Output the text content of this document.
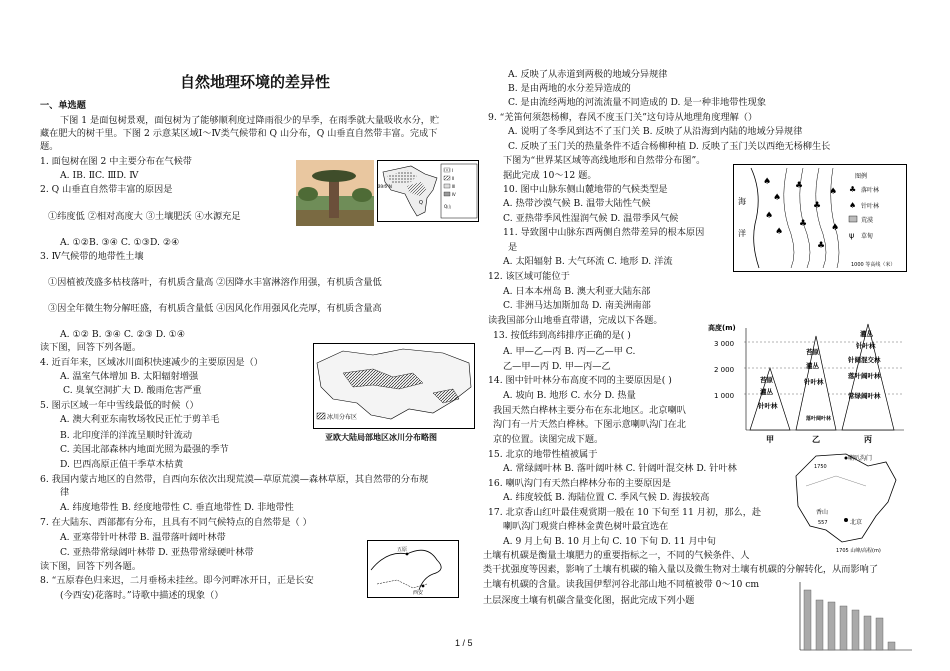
自然地理环境的差异性
一、单选题
下图 1 是面包树景观，面包树为了能够顺利度过降雨很少的旱季，在雨季就大量吸收水分，贮
藏在肥大的树干里。下图 2 示意某区域Ⅰ～Ⅳ类气候带和 Q 山分布，Q 山垂直自然带丰富。完成下
题。
1. 面包树在图 2 中主要分布在气候带
A. ⅠB. ⅡC. ⅢD. Ⅳ
2. Q 山垂直自然带丰富的原因是
①纬度低 ②相对高度大 ③土壤肥沃 ④水源充足
A. ①②B. ③④ C. ①③D. ②④
3. Ⅳ气候带的地带性土壤
①因植被茂盛多枯枝落叶，有机质含量高 ②因降水丰富淋溶作用强，有机质含量低
③因全年微生物分解旺盛，有机质含量低 ④因风化作用强风化壳厚，有机质含量高
A. ①② B. ③④ C. ②③ D. ①④
读下图，回答下列各题。
4. 近百年来，区域冰川面积快速减少的主要原因是（）
A. 温室气体增加 B. 太阳辐射增强
C. 臭氧空洞扩大 D. 酸雨危害严重
5. 图示区域一年中雪线最低的时候（）
A. 澳大利亚东南牧场牧民正忙于剪羊毛
B. 北印度洋的洋流呈顺时针流动
C. 美国北部森林内地面光照为最强的季节
D. 巴西高原正值干季草木枯黄
6. 我国内蒙古地区的自然带，自西向东依次出现荒漠—草原荒漠—森林草原，其自然带的分布规
律
A. 纬度地带性 B. 经度地带性 C. 垂直地带性 D. 非地带性
7. 在大陆东、西部都有分布，且具有不同气候特点的自然带是（ ）
A. 亚寒带针叶林带 B. 温带落叶阔叶林带
C. 亚热带常绿阔叶林带 D. 亚热带常绿硬叶林带
读下图，回答下列各题。
8. “五原春色归来迟，二月垂杨未挂丝。即今河畔冰开日，正是长安
(今西安)花落时。”诗歌中描述的现象（）
A. 反映了从赤道到两极的地域分异规律
B. 是由两地的水分差异造成的
C. 是由流经两地的河流流量不同造成的 D. 是一种非地带性现象
9. “羌笛何须怨杨柳，春风不度玉门关”这句诗从地理角度理解（）
A. 说明了冬季风到达不了玉门关 B. 反映了从沿海到内陆的地域分异规律
C. 反映了玉门关的热量条件不适合杨柳种植 D. 反映了玉门关以西绝无杨柳生长
下图为“世界某区域等高线地形和自然带分布图”。
据此完成 10～12 题。
10. 图中山脉东侧山麓地带的气候类型是
A. 热带沙漠气候 B. 温带大陆性气候
C. 亚热带季风性湿润气候 D. 温带季风气候
11. 导致图中山脉东西两侧自然带差异的根本原因
是
A. 太阳辐射 B. 大气环流 C. 地形 D. 洋流
12. 该区域可能位于
A. 日本本州岛 B. 澳大利亚大陆东部
C. 非洲马达加斯加岛 D. 南美洲南部
读我国部分山地垂直带谱，完成以下各题。
13. 按低纬到高纬排序正确的是( )
A. 甲—乙—丙 B. 丙—乙—甲 C.
乙—甲—丙 D. 甲—丙—乙
14. 图中针叶林分布高度不同的主要原因是( )
A. 坡向 B. 地形 C. 水分 D. 热量
我国天然白桦林主要分布在东北地区。北京喇叭
沟门有一片天然白桦林。下图示意喇叭沟门在北
京的位置。读图完成下题。
15. 北京的地带性植被属于
A. 常绿阔叶林 B. 落叶阔叶林 C. 针阔叶混交林 D. 针叶林
16. 喇叭沟门有天然白桦林分布的主要原因是
A. 纬度较低 B. 海陆位置 C. 季风气候 D. 海拔较高
17. 北京香山红叶最佳观赏期一般在 10 下旬至 11 月初，那么，赴
喇叭沟门观赏白桦林金黄色树叶最宜选在
A. 9 月上旬 B. 10 月上旬 C. 10 下旬 D. 11 月中旬
土壤有机碳是衡量土壤肥力的重要指标之一，不同的气候条件、人
类干扰强度等因素，影响了土壤有机碳的输入量以及微生物对土壤有机碳的分解转化，从而影响了
土壤有机碳的含量。读我国伊犁河谷北部山地不同植被带 0～10 cm
土层深度土壤有机碳含量变化图，据此完成下列小题
23.5°N
Q
Ⅰ
Ⅱ
Ⅲ
Ⅳ
Q山
冰川分布区
亚欧大陆局部地区冰川分布略图
五原
西安
海
洋
♠
♠
♠
♠
♣
♣
♣
♣
♠
♠
图例
♣ 落叶林
♠ 针叶林
荒漠
ψ 草甸
1000 等高线（米）
高度(m)
3 000
2 000
1 000
苔原
灌丛
针叶林
苔原
灌丛
针叶林
落叶阔叶林
灌丛
针叶林
针阔混交林
落叶阔叶林
常绿阔叶林
甲	乙	丙
喇叭沟门
1750
香山
557	北京
1705 山峰/高程(m)
1 / 5
